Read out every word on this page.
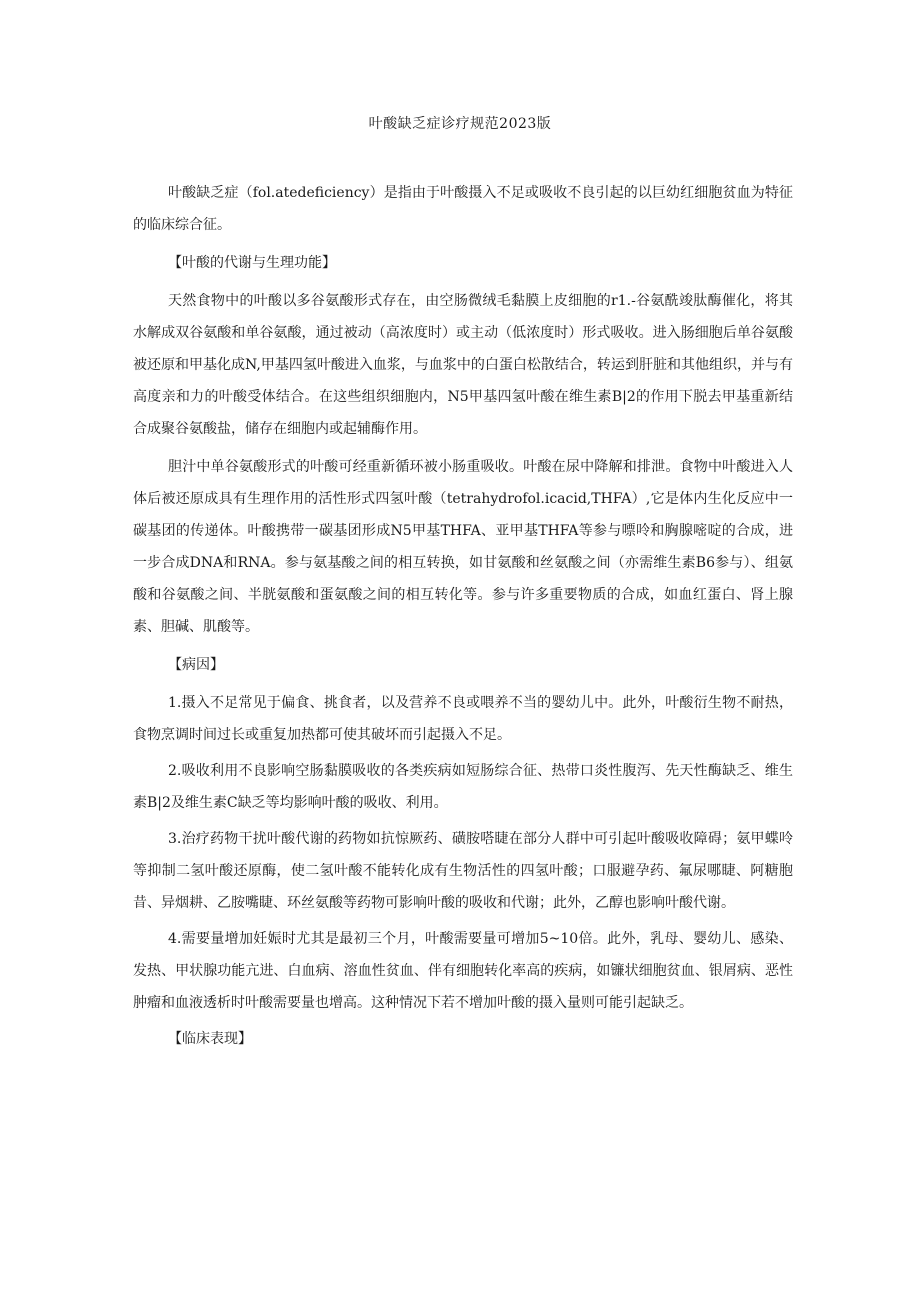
叶酸缺乏症诊疗规范2023版

叶酸缺乏症（fol.atedeficiency）是指由于叶酸摄入不足或吸收不良引起的以巨幼红细胞贫血为特征的临床综合征。

【叶酸的代谢与生理功能】

天然食物中的叶酸以多谷氨酸形式存在，由空肠微绒毛黏膜上皮细胞的r1.-谷氨酰竣肽酶催化，将其水解成双谷氨酸和单谷氨酸，通过被动（高浓度时）或主动（低浓度时）形式吸收。进入肠细胞后单谷氨酸被还原和甲基化成N,甲基四氢叶酸进入血浆，与血浆中的白蛋白松散结合，转运到肝脏和其他组织，并与有高度亲和力的叶酸受体结合。在这些组织细胞内，N5甲基四氢叶酸在维生素B|2的作用下脱去甲基重新结合成聚谷氨酸盐，储存在细胞内或起辅酶作用。

胆汁中单谷氨酸形式的叶酸可经重新循环被小肠重吸收。叶酸在尿中降解和排泄。食物中叶酸进入人体后被还原成具有生理作用的活性形式四氢叶酸（tetrahydrofol.icacid,THFA）,它是体内生化反应中一碳基团的传递体。叶酸携带一碳基团形成N5甲基THFA、亚甲基THFA等参与嘌呤和胸腺嘧啶的合成，进一步合成DNA和RNA。参与氨基酸之间的相互转换，如甘氨酸和丝氨酸之间（亦需维生素B6参与）、组氨酸和谷氨酸之间、半胱氨酸和蛋氨酸之间的相互转化等。参与许多重要物质的合成，如血红蛋白、肾上腺素、胆碱、肌酸等。

【病因】

1.摄入不足常见于偏食、挑食者，以及营养不良或喂养不当的婴幼儿中。此外，叶酸衍生物不耐热，食物烹调时间过长或重复加热都可使其破坏而引起摄入不足。

2.吸收利用不良影响空肠黏膜吸收的各类疾病如短肠综合征、热带口炎性腹泻、先天性酶缺乏、维生素B|2及维生素C缺乏等均影响叶酸的吸收、利用。

3.治疗药物干扰叶酸代谢的药物如抗惊厥药、磺胺嗒睫在部分人群中可引起叶酸吸收障碍；氨甲蝶呤等抑制二氢叶酸还原酶，使二氢叶酸不能转化成有生物活性的四氢叶酸；口服避孕药、氟尿哪睫、阿糖胞昔、异烟耕、乙胺嘴睫、环丝氨酸等药物可影响叶酸的吸收和代谢；此外，乙醇也影响叶酸代谢。

4.需要量增加妊娠时尤其是最初三个月，叶酸需要量可增加5~10倍。此外，乳母、婴幼儿、感染、发热、甲状腺功能亢进、白血病、溶血性贫血、伴有细胞转化率高的疾病，如镰状细胞贫血、银屑病、恶性肿瘤和血液透析时叶酸需要量也增高。这种情况下若不增加叶酸的摄入量则可能引起缺乏。

【临床表现】
